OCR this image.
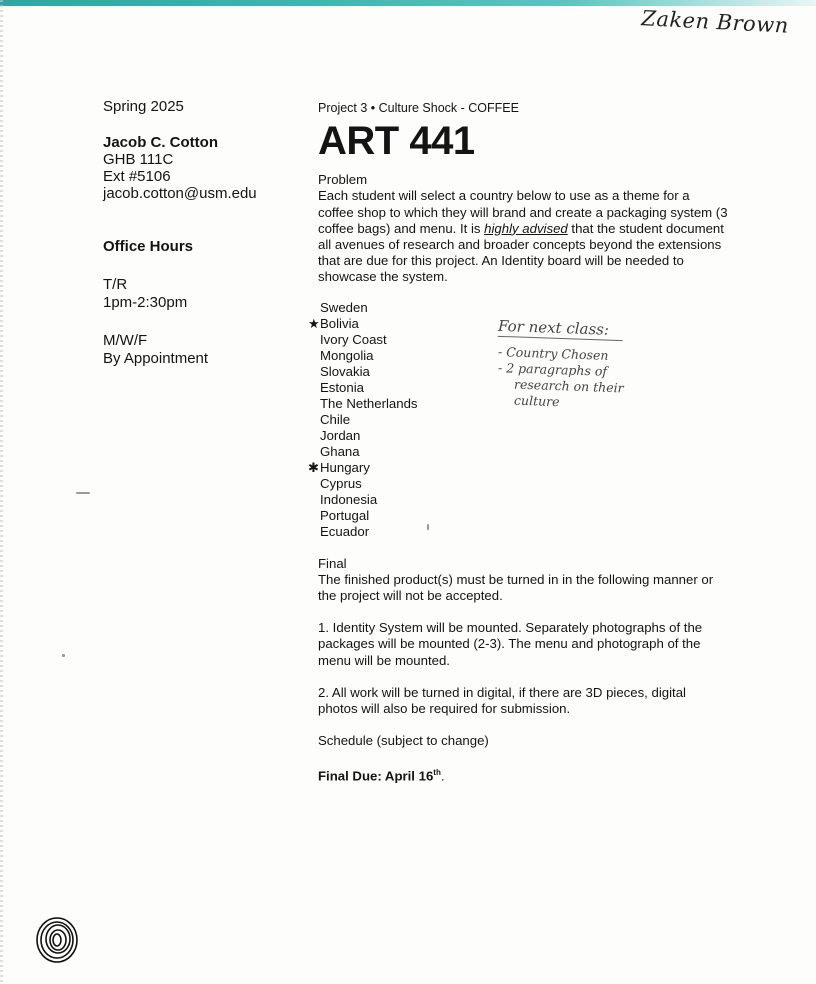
Zaken Brown
Spring 2025
Jacob C. Cotton
GHB 111C
Ext #5106
jacob.cotton@usm.edu
Office Hours
T/R
1pm-2:30pm
M/W/F
By Appointment
Project 3 • Culture Shock - COFFEE
ART 441
Problem
Each student will select a country below to use as a theme for a coffee shop to which they will brand and create a packaging system (3 coffee bags) and menu. It is highly advised that the student document all avenues of research and broader concepts beyond the extensions that are due for this project. An Identity board will be needed to showcase the system.
Sweden
★ Bolivia
Ivory Coast
Mongolia
Slovakia
Estonia
The Netherlands
Chile
Jordan
Ghana
✱ Hungary
Cyprus
Indonesia
Portugal
Ecuador
Final
The finished product(s) must be turned in in the following manner or the project will not be accepted.
1. Identity System will be mounted. Separately photographs of the packages will be mounted (2-3). The menu and photograph of the menu will be mounted.
2. All work will be turned in digital, if there are 3D pieces, digital photos will also be required for submission.
Schedule (subject to change)
Final Due: April 16th.
For next class:
- Country Chosen
- 2 paragraphs of
research on their
culture
